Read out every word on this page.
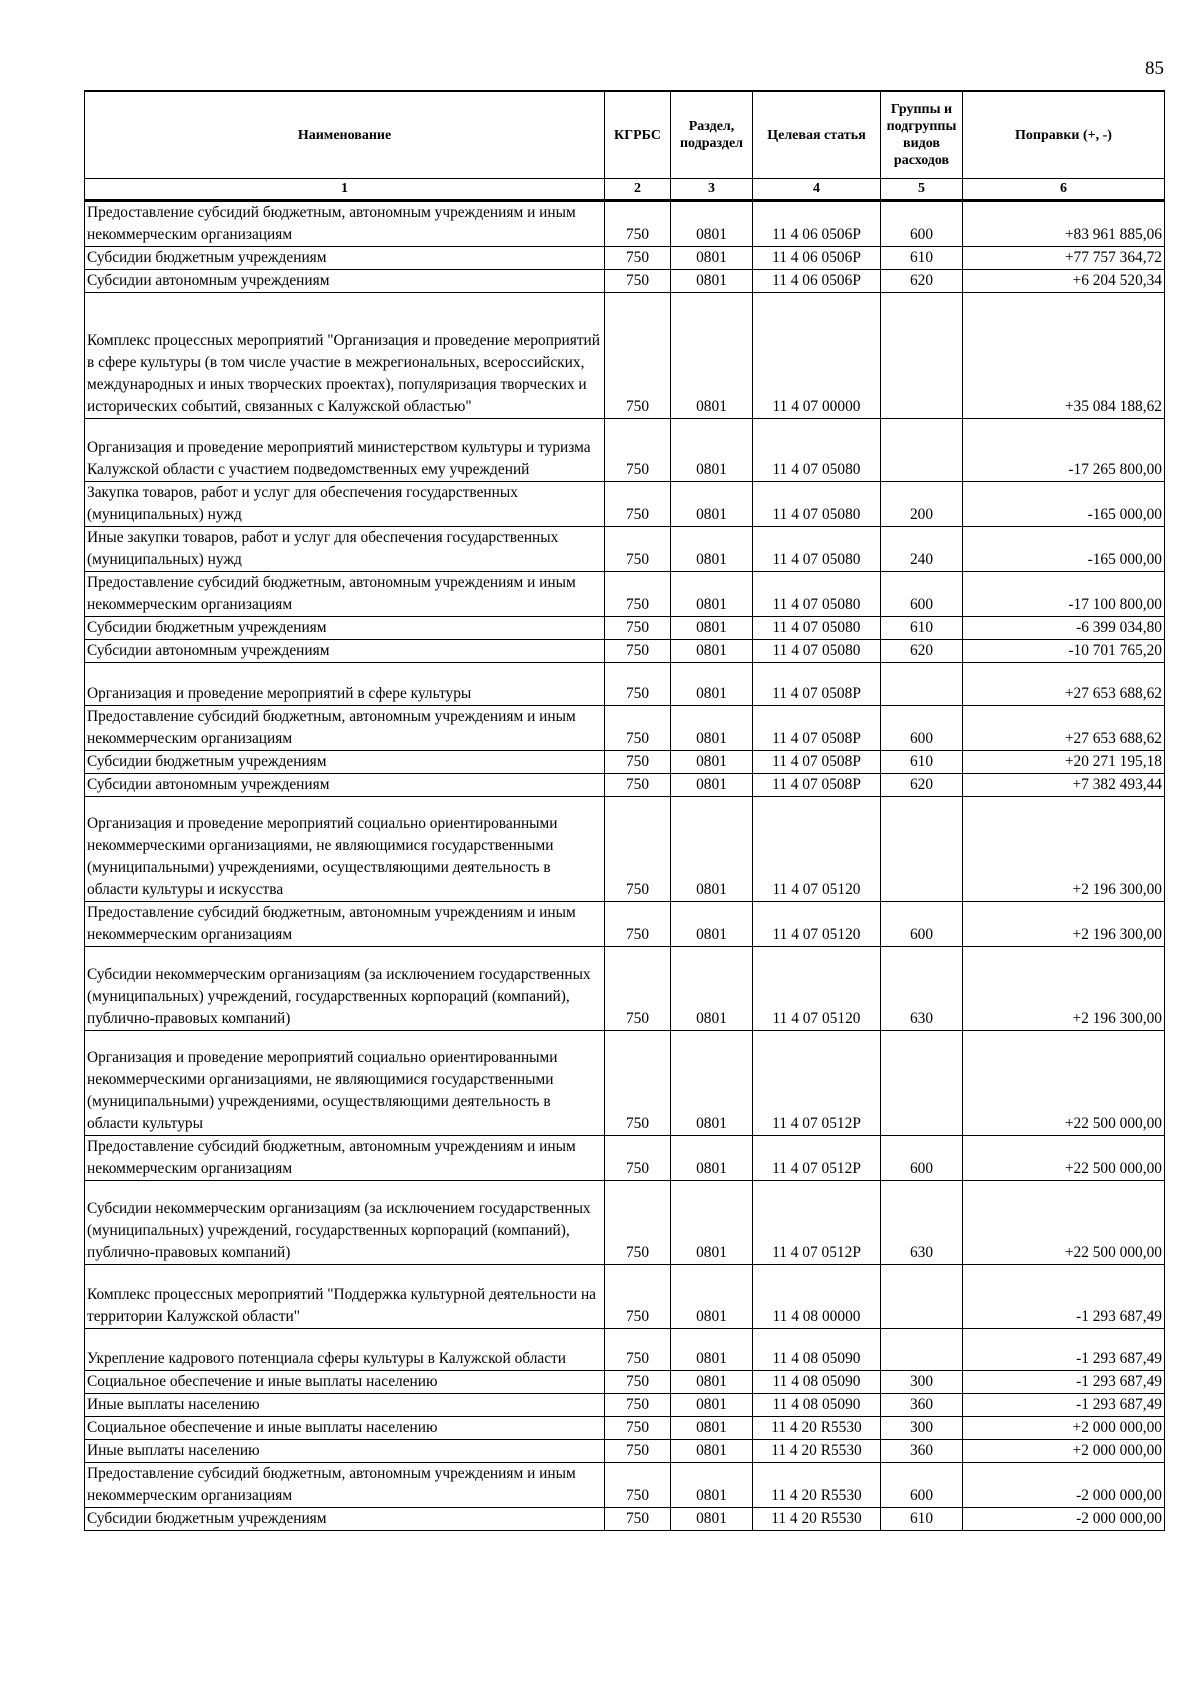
85
Наименование	КГРБС	Раздел, подраздел	Целевая статья	Группы и подгруппы видов расходов	Поправки (+, -)
1	2	3	4	5	6
Предоставление субсидий бюджетным, автономным учреждениям и иным некоммерческим организациям	750	0801	11 4 06 0506Р	600	+83 961 885,06
Субсидии бюджетным учреждениям	750	0801	11 4 06 0506Р	610	+77 757 364,72
Субсидии автономным учреждениям	750	0801	11 4 06 0506Р	620	+6 204 520,34
Комплекс процессных мероприятий "Организация и проведение мероприятий в сфере культуры (в том числе участие в межрегиональных, всероссийских, международных и иных творческих проектах), популяризация творческих и исторических событий, связанных с Калужской областью"	750	0801	11 4 07 00000		+35 084 188,62
Организация и проведение мероприятий министерством культуры и туризма Калужской области с участием подведомственных ему учреждений	750	0801	11 4 07 05080		-17 265 800,00
Закупка товаров, работ и услуг для обеспечения государственных (муниципальных) нужд	750	0801	11 4 07 05080	200	-165 000,00
Иные закупки товаров, работ и услуг для обеспечения государственных (муниципальных) нужд	750	0801	11 4 07 05080	240	-165 000,00
Предоставление субсидий бюджетным, автономным учреждениям и иным некоммерческим организациям	750	0801	11 4 07 05080	600	-17 100 800,00
Субсидии бюджетным учреждениям	750	0801	11 4 07 05080	610	-6 399 034,80
Субсидии автономным учреждениям	750	0801	11 4 07 05080	620	-10 701 765,20
Организация и проведение мероприятий в сфере культуры	750	0801	11 4 07 0508Р		+27 653 688,62
Предоставление субсидий бюджетным, автономным учреждениям и иным некоммерческим организациям	750	0801	11 4 07 0508Р	600	+27 653 688,62
Субсидии бюджетным учреждениям	750	0801	11 4 07 0508Р	610	+20 271 195,18
Субсидии автономным учреждениям	750	0801	11 4 07 0508Р	620	+7 382 493,44
Организация и проведение мероприятий социально ориентированными некоммерческими организациями, не являющимися государственными (муниципальными) учреждениями, осуществляющими деятельность в области культуры и искусства	750	0801	11 4 07 05120		+2 196 300,00
Предоставление субсидий бюджетным, автономным учреждениям и иным некоммерческим организациям	750	0801	11 4 07 05120	600	+2 196 300,00
Субсидии некоммерческим организациям (за исключением государственных (муниципальных) учреждений, государственных корпораций (компаний), публично-правовых компаний)	750	0801	11 4 07 05120	630	+2 196 300,00
Организация и проведение мероприятий социально ориентированными некоммерческими организациями, не являющимися государственными (муниципальными) учреждениями, осуществляющими деятельность в области культуры	750	0801	11 4 07 0512Р		+22 500 000,00
Предоставление субсидий бюджетным, автономным учреждениям и иным некоммерческим организациям	750	0801	11 4 07 0512Р	600	+22 500 000,00
Субсидии некоммерческим организациям (за исключением государственных (муниципальных) учреждений, государственных корпораций (компаний), публично-правовых компаний)	750	0801	11 4 07 0512Р	630	+22 500 000,00
Комплекс процессных мероприятий "Поддержка культурной деятельности на территории Калужской области"	750	0801	11 4 08 00000		-1 293 687,49
Укрепление кадрового потенциала сферы культуры в Калужской области	750	0801	11 4 08 05090		-1 293 687,49
Социальное обеспечение и иные выплаты населению	750	0801	11 4 08 05090	300	-1 293 687,49
Иные выплаты населению	750	0801	11 4 08 05090	360	-1 293 687,49
Социальное обеспечение и иные выплаты населению	750	0801	11 4 20 R5530	300	+2 000 000,00
Иные выплаты населению	750	0801	11 4 20 R5530	360	+2 000 000,00
Предоставление субсидий бюджетным, автономным учреждениям и иным некоммерческим организациям	750	0801	11 4 20 R5530	600	-2 000 000,00
Субсидии бюджетным учреждениям	750	0801	11 4 20 R5530	610	-2 000 000,00
